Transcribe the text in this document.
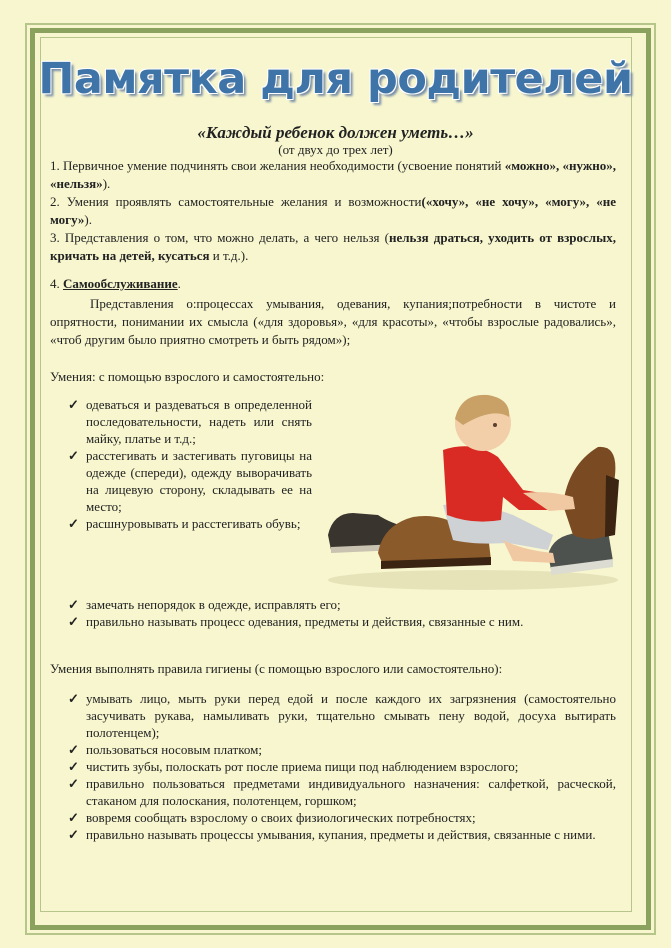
Памятка для родителей
«Каждый ребенок должен уметь…»
(от двух до трех лет)
1. Первичное умение подчинять свои желания необходимости (усвоение понятий «можно», «нужно», «нельзя»).
2. Умения проявлять самостоятельные желания и возможности(«хочу», «не хочу», «могу», «не могу»).
3. Представления о том, что можно делать, а чего нельзя (нельзя драться, уходить от взрослых, кричать на детей, кусаться и т.д.).
4. Самообслуживание.
Представления о:процессах умывания, одевания, купания;потребности в чистоте и опрятности, понимании их смысла («для здоровья», «для красоты», «чтобы взрослые радовались», «чтоб другим было приятно смотреть и быть рядом»);
Умения: с помощью взрослого и самостоятельно:
✓ одеваться и раздеваться в определенной последовательности, надеть или снять майку, платье и т.д.;
✓ расстегивать и застегивать пуговицы на одежде (спереди), одежду выворачивать на лицевую сторону, складывать ее на место;
✓ расшнуровывать и расстегивать обувь;
✓ замечать непорядок в одежде, исправлять его;
✓ правильно называть процесс одевания, предметы и действия, связанные с ним.
Умения выполнять правила гигиены (с помощью взрослого или самостоятельно):
✓ умывать лицо, мыть руки перед едой и после каждого их загрязнения (самостоятельно засучивать рукава, намыливать руки, тщательно смывать пену водой, досуха вытирать полотенцем);
✓ пользоваться носовым платком;
✓ чистить зубы, полоскать рот после приема пищи под наблюдением взрослого;
✓ правильно пользоваться предметами индивидуального назначения: салфеткой, расческой, стаканом для полоскания, полотенцем, горшком;
✓ вовремя сообщать взрослому о своих физиологических потребностях;
✓ правильно называть процессы умывания, купания, предметы и действия, связанные с ними.
